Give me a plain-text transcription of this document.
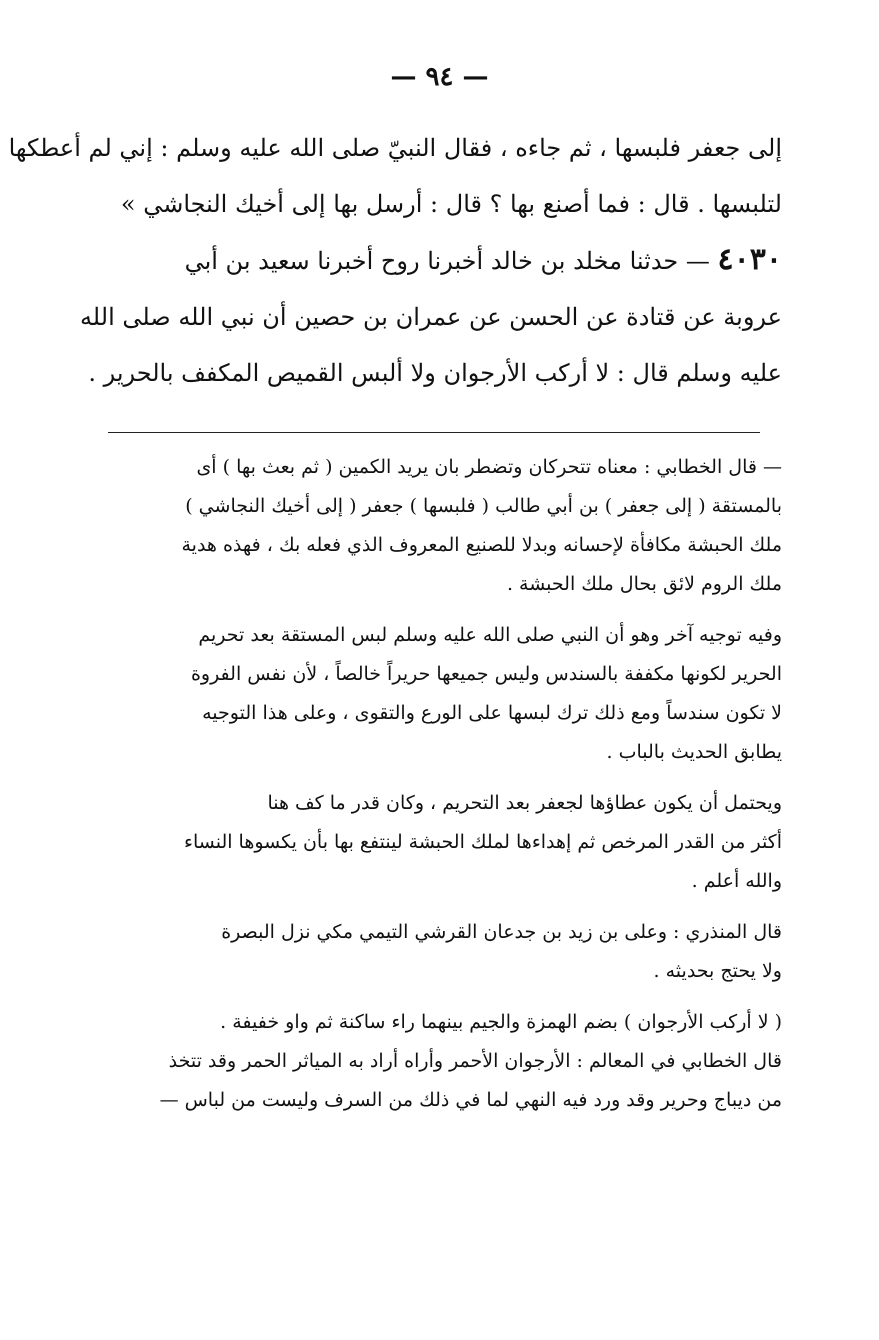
— ٩٤ —

إلى جعفر فلبسها ، ثم جاءه ، فقال النبيّ صلى الله عليه وسلم : إني لم أعطكها

لتلبسها . قال : فما أصنع بها ؟ قال : أرسل بها إلى أخيك النجاشي »

٤٠٣٠ — حدثنا مخلد بن خالد أخبرنا روح أخبرنا سعيد بن أبي

عروبة عن قتادة عن الحسن عن عمران بن حصين أن نبي الله صلى الله

عليه وسلم قال : لا أركب الأرجوان ولا ألبس القميص المكفف بالحرير .

— قال الخطابي : معناه تتحركان وتضطر بان يريد الكمين ( ثم بعث بها ) أى

بالمستقة ( إلى جعفر ) بن أبي طالب ( فلبسها ) جعفر ( إلى أخيك النجاشي )

ملك الحبشة مكافأة لإحسانه وبدلا للصنيع المعروف الذي فعله بك ، فهذه هدية

ملك الروم لائق بحال ملك الحبشة .

وفيه توجيه آخر وهو أن النبي صلى الله عليه وسلم لبس المستقة بعد تحريم

الحرير لكونها مكففة بالسندس وليس جميعها حريراً خالصاً ، لأن نفس الفروة

لا تكون سندساً ومع ذلك ترك لبسها على الورع والتقوى ، وعلى هذا التوجيه

يطابق الحديث بالباب .

ويحتمل أن يكون عطاؤها لجعفر بعد التحريم ، وكان قدر ما كف هنا

أكثر من القدر المرخص ثم إهداءها لملك الحبشة لينتفع بها بأن يكسوها النساء

والله أعلم .

قال المنذري : وعلى بن زيد بن جدعان القرشي التيمي مكي نزل البصرة

ولا يحتج بحديثه .

( لا أركب الأرجوان ) بضم الهمزة والجيم بينهما راء ساكنة ثم واو خفيفة .

قال الخطابي في المعالم : الأرجوان الأحمر وأراه أراد به المياثر الحمر وقد تتخذ

من ديباج وحرير وقد ورد فيه النهي لما في ذلك من السرف وليست من لباس —
